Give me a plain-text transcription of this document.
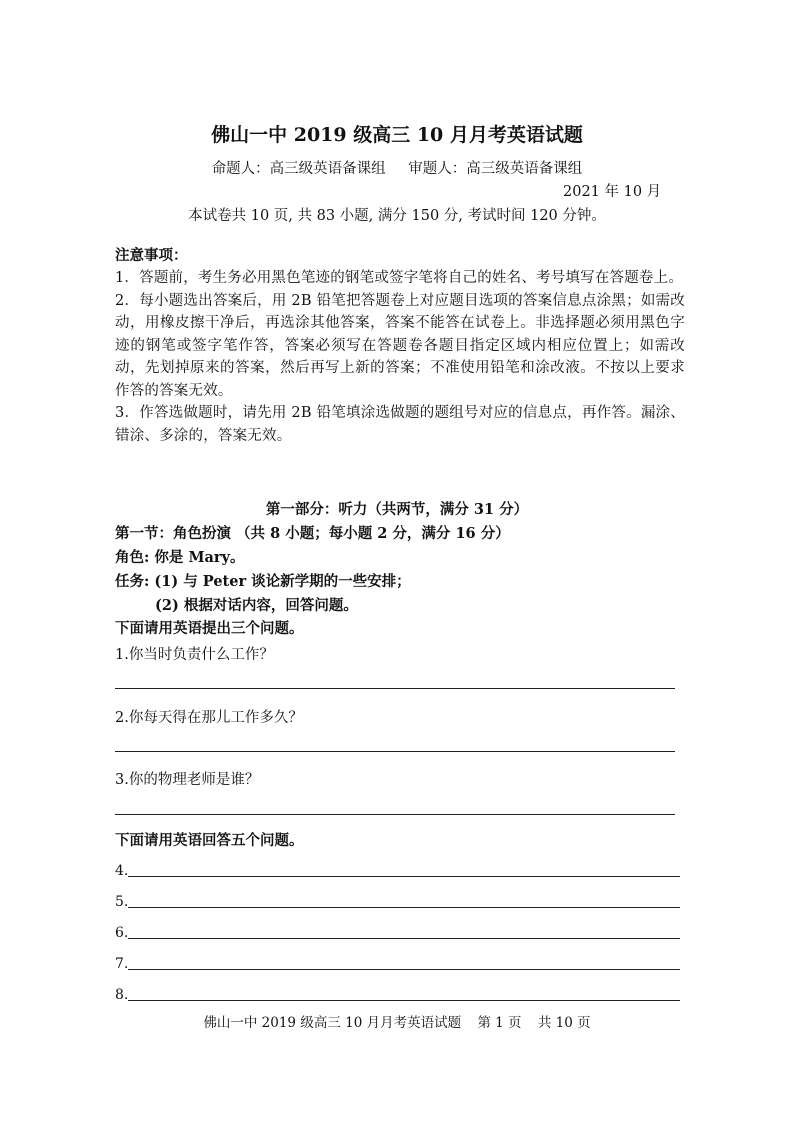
佛山一中 2019 级高三 10 月月考英语试题
命题人：高三级英语备课组 审题人：高三级英语备课组
2021 年 10 月
本试卷共 10 页, 共 83 小题, 满分 150 分, 考试时间 120 分钟。
注意事项：

1．答题前，考生务必用黑色笔迹的钢笔或签字笔将自己的姓名、考号填写在答题卷上。

2．每小题选出答案后，用 2B 铅笔把答题卷上对应题目选项的答案信息点涂黑；如需改动，用橡皮擦干净后，再选涂其他答案，答案不能答在试卷上。非选择题必须用黑色字迹的钢笔或签字笔作答，答案必须写在答题卷各题目指定区域内相应位置上；如需改动，先划掉原来的答案，然后再写上新的答案；不准使用铅笔和涂改液。不按以上要求作答的答案无效。

3．作答选做题时，请先用 2B 铅笔填涂选做题的题组号对应的信息点，再作答。漏涂、错涂、多涂的，答案无效。

第一部分：听力（共两节，满分 31 分）
第一节：角色扮演 （共 8 小题；每小题 2 分，满分 16 分）
角色: 你是 Mary。
任务: (1) 与 Peter 谈论新学期的一些安排；
(2) 根据对话内容，回答问题。
下面请用英语提出三个问题。
1.你当时负责什么工作？
2.你每天得在那儿工作多久？
3.你的物理老师是谁？
下面请用英语回答五个问题。
4.
5.
6.
7.
8.
佛山一中 2019 级高三 10 月月考英语试题 第 1 页 共 10 页
